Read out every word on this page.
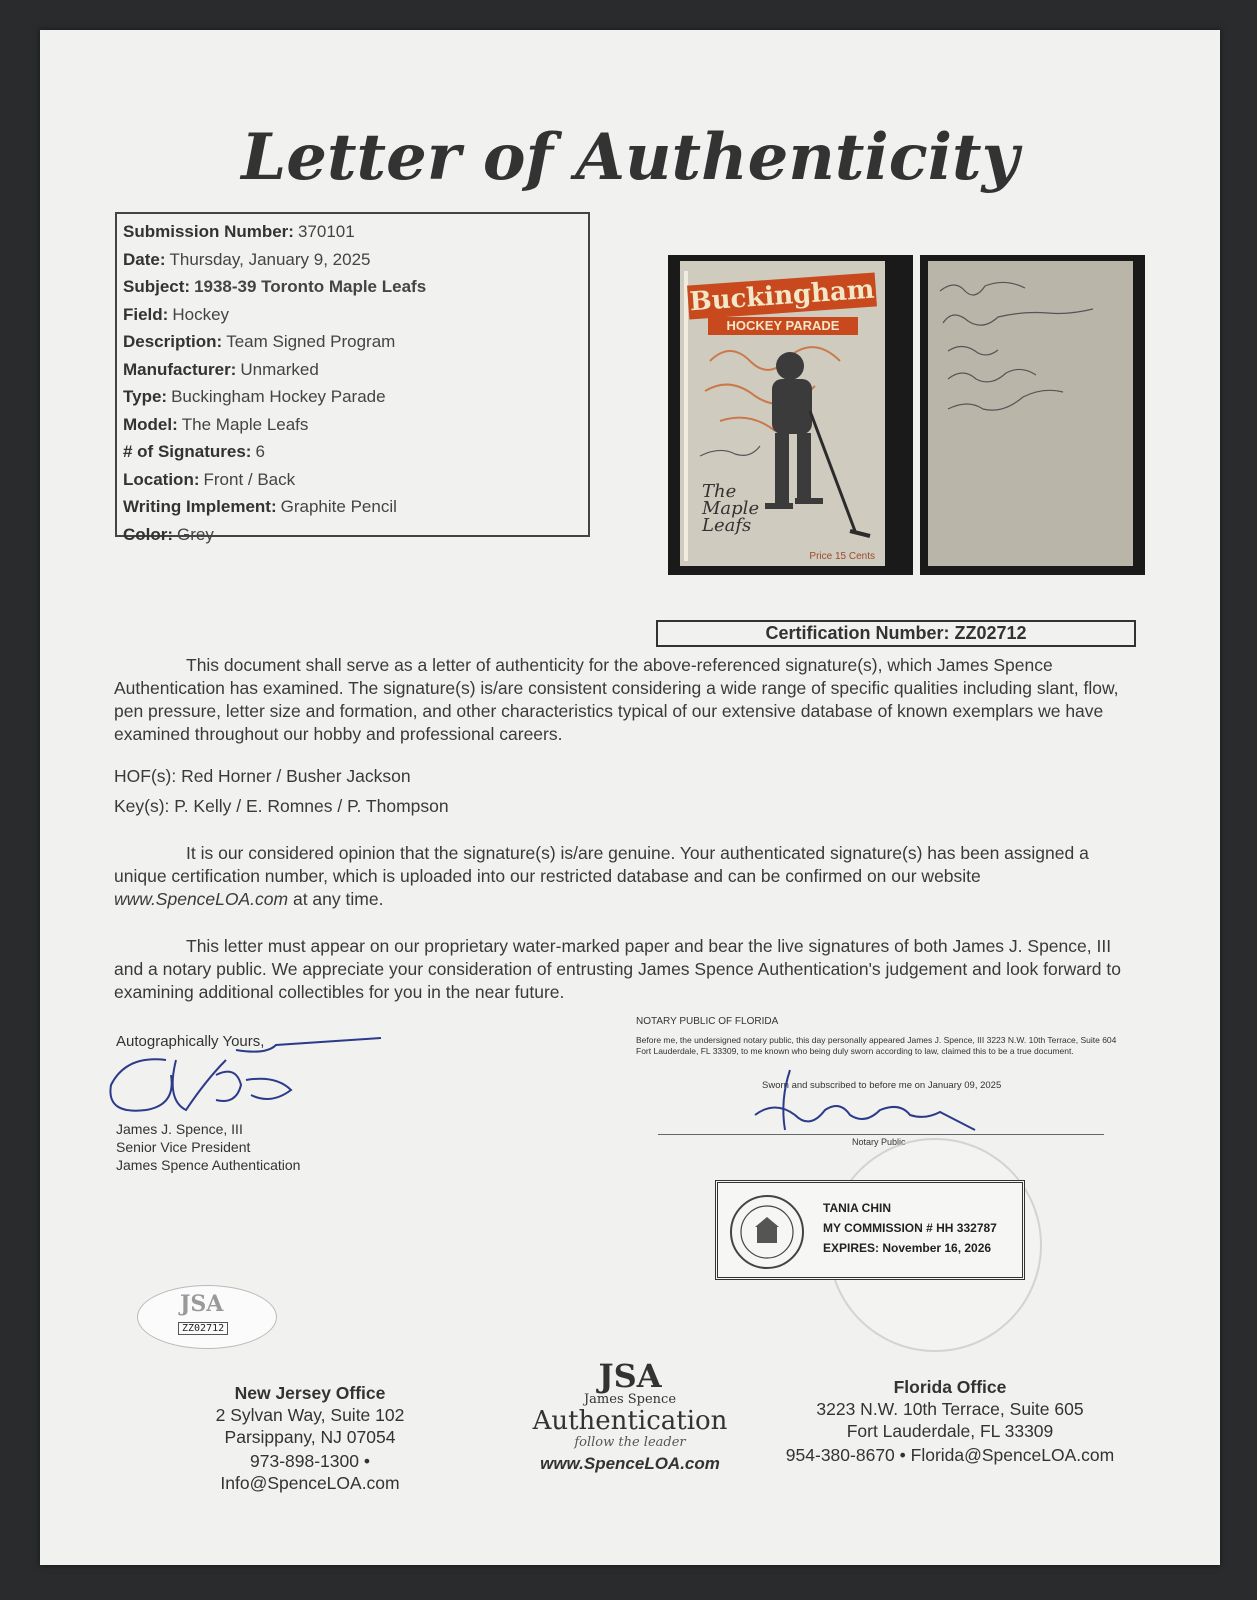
Letter of Authenticity
Submission Number: 370101
Date: Thursday, January 9, 2025
Subject: 1938-39 Toronto Maple Leafs
Field: Hockey
Description: Team Signed Program
Manufacturer: Unmarked
Type: Buckingham Hockey Parade
Model: The Maple Leafs
# of Signatures: 6
Location: Front / Back
Writing Implement: Graphite Pencil
Color: Grey
Buckingham
HOCKEY PARADE
The
Maple
Leafs
Price 15 Cents
Certification Number: ZZ02712
This document shall serve as a letter of authenticity for the above-referenced signature(s), which James Spence Authentication has examined. The signature(s) is/are consistent considering a wide range of specific qualities including slant, flow, pen pressure, letter size and formation, and other characteristics typical of our extensive database of known exemplars we have examined throughout our hobby and professional careers.
HOF(s): Red Horner / Busher Jackson
Key(s): P. Kelly / E. Romnes / P. Thompson
It is our considered opinion that the signature(s) is/are genuine. Your authenticated signature(s) has been assigned a unique certification number, which is uploaded into our restricted database and can be confirmed on our website www.SpenceLOA.com at any time.
This letter must appear on our proprietary water-marked paper and bear the live signatures of both James J. Spence, III and a notary public. We appreciate your consideration of entrusting James Spence Authentication's judgement and look forward to examining additional collectibles for you in the near future.
Autographically Yours,
James J. Spence, III
Senior Vice President
James Spence Authentication
NOTARY PUBLIC OF FLORIDA
Before me, the undersigned notary public, this day personally appeared James J. Spence, III 3223 N.W. 10th Terrace, Suite 604 Fort Lauderdale, FL 33309, to me known who being duly sworn according to law, claimed this to be a true document.
Sworn and subscribed to before me on January 09, 2025
Notary Public
TANIA CHIN
MY COMMISSION # HH 332787
EXPIRES: November 16, 2026
JSA
ZZ02712
New Jersey Office
2 Sylvan Way, Suite 102
Parsippany, NJ 07054
973-898-1300 • Info@SpenceLOA.com
JSA
James Spence
Authentication
follow the leader
www.SpenceLOA.com
Florida Office
3223 N.W. 10th Terrace, Suite 605
Fort Lauderdale, FL 33309
954-380-8670 • Florida@SpenceLOA.com
